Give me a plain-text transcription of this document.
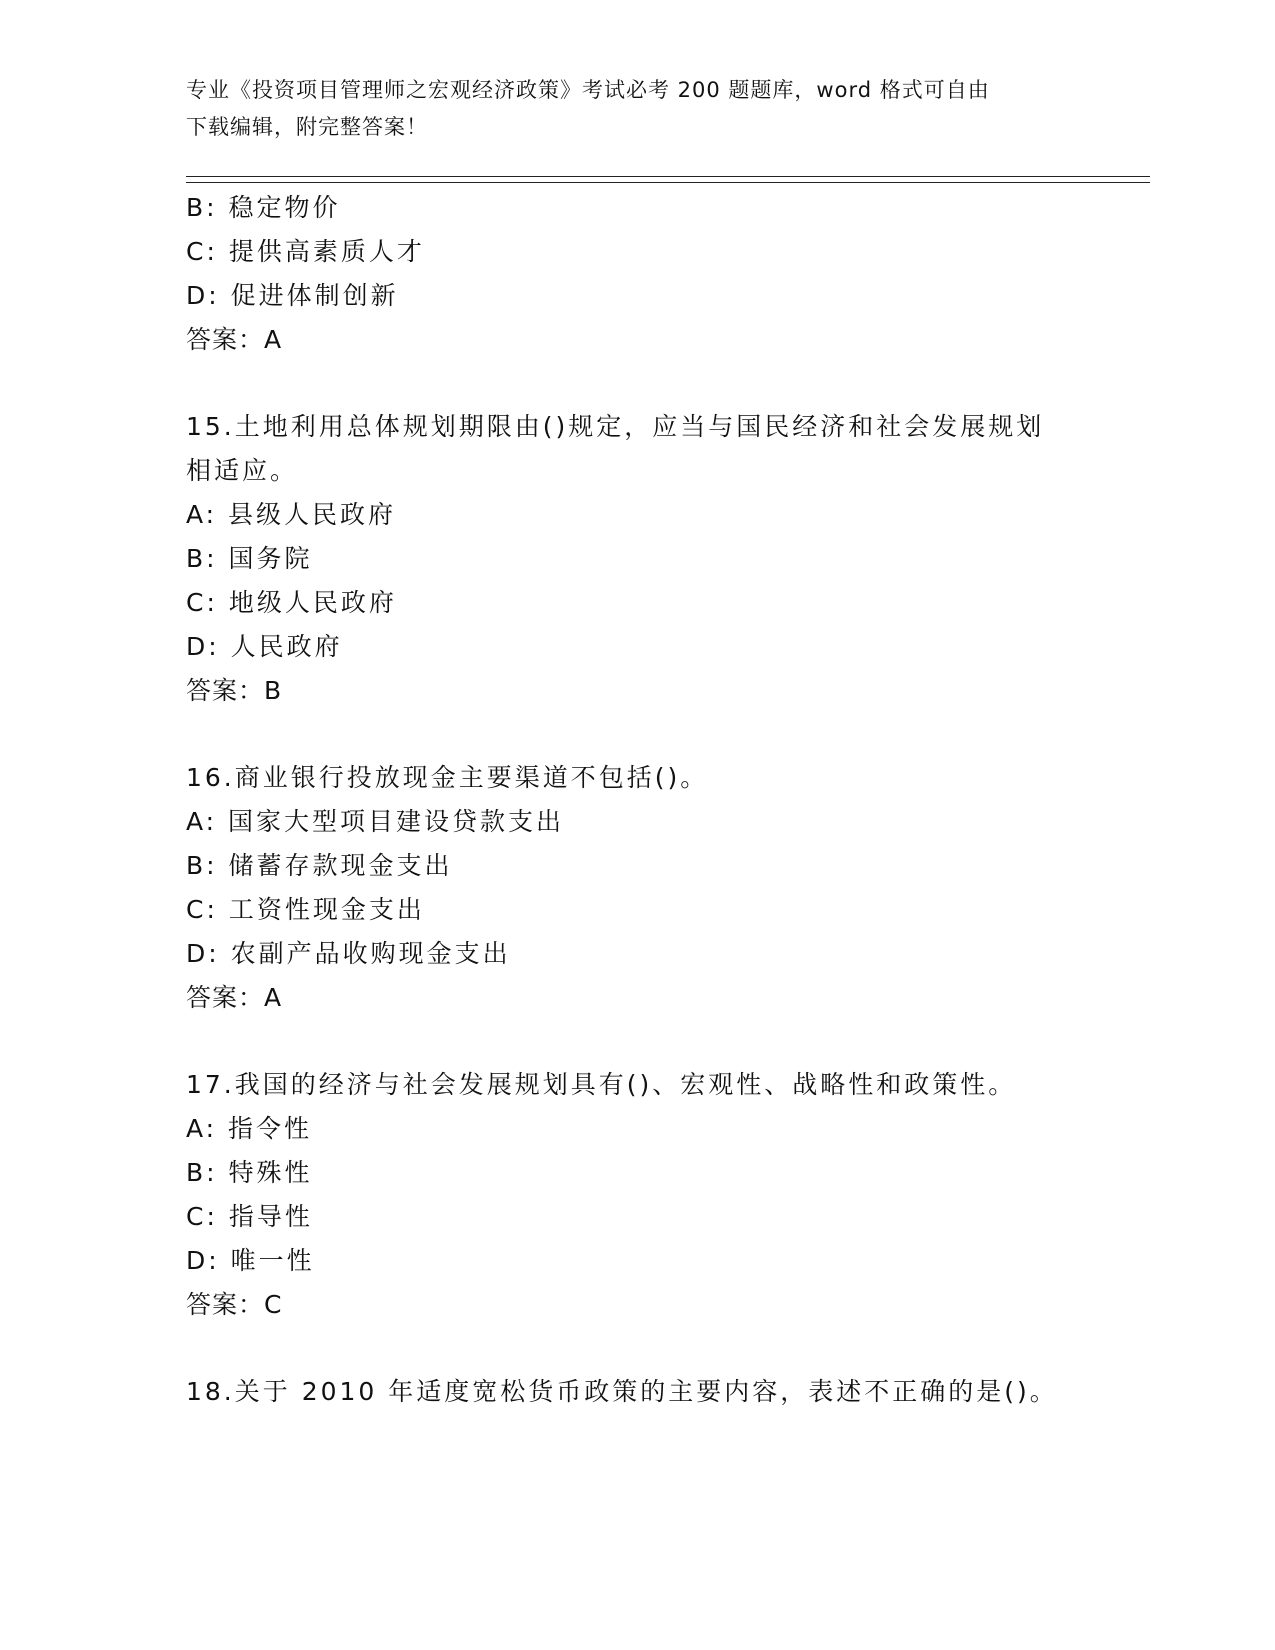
专业《投资项目管理师之宏观经济政策》考试必考 200 题题库，word 格式可自由
下载编辑，附完整答案！
B: 稳定物价
C: 提供高素质人才
D: 促进体制创新
答案：A
15.土地利用总体规划期限由()规定，应当与国民经济和社会发展规划
相适应。
A: 县级人民政府
B: 国务院
C: 地级人民政府
D: 人民政府
答案：B
16.商业银行投放现金主要渠道不包括()。
A: 国家大型项目建设贷款支出
B: 储蓄存款现金支出
C: 工资性现金支出
D: 农副产品收购现金支出
答案：A
17.我国的经济与社会发展规划具有()、宏观性、战略性和政策性。
A: 指令性
B: 特殊性
C: 指导性
D: 唯一性
答案：C
18.关于 2010 年适度宽松货币政策的主要内容，表述不正确的是()。
